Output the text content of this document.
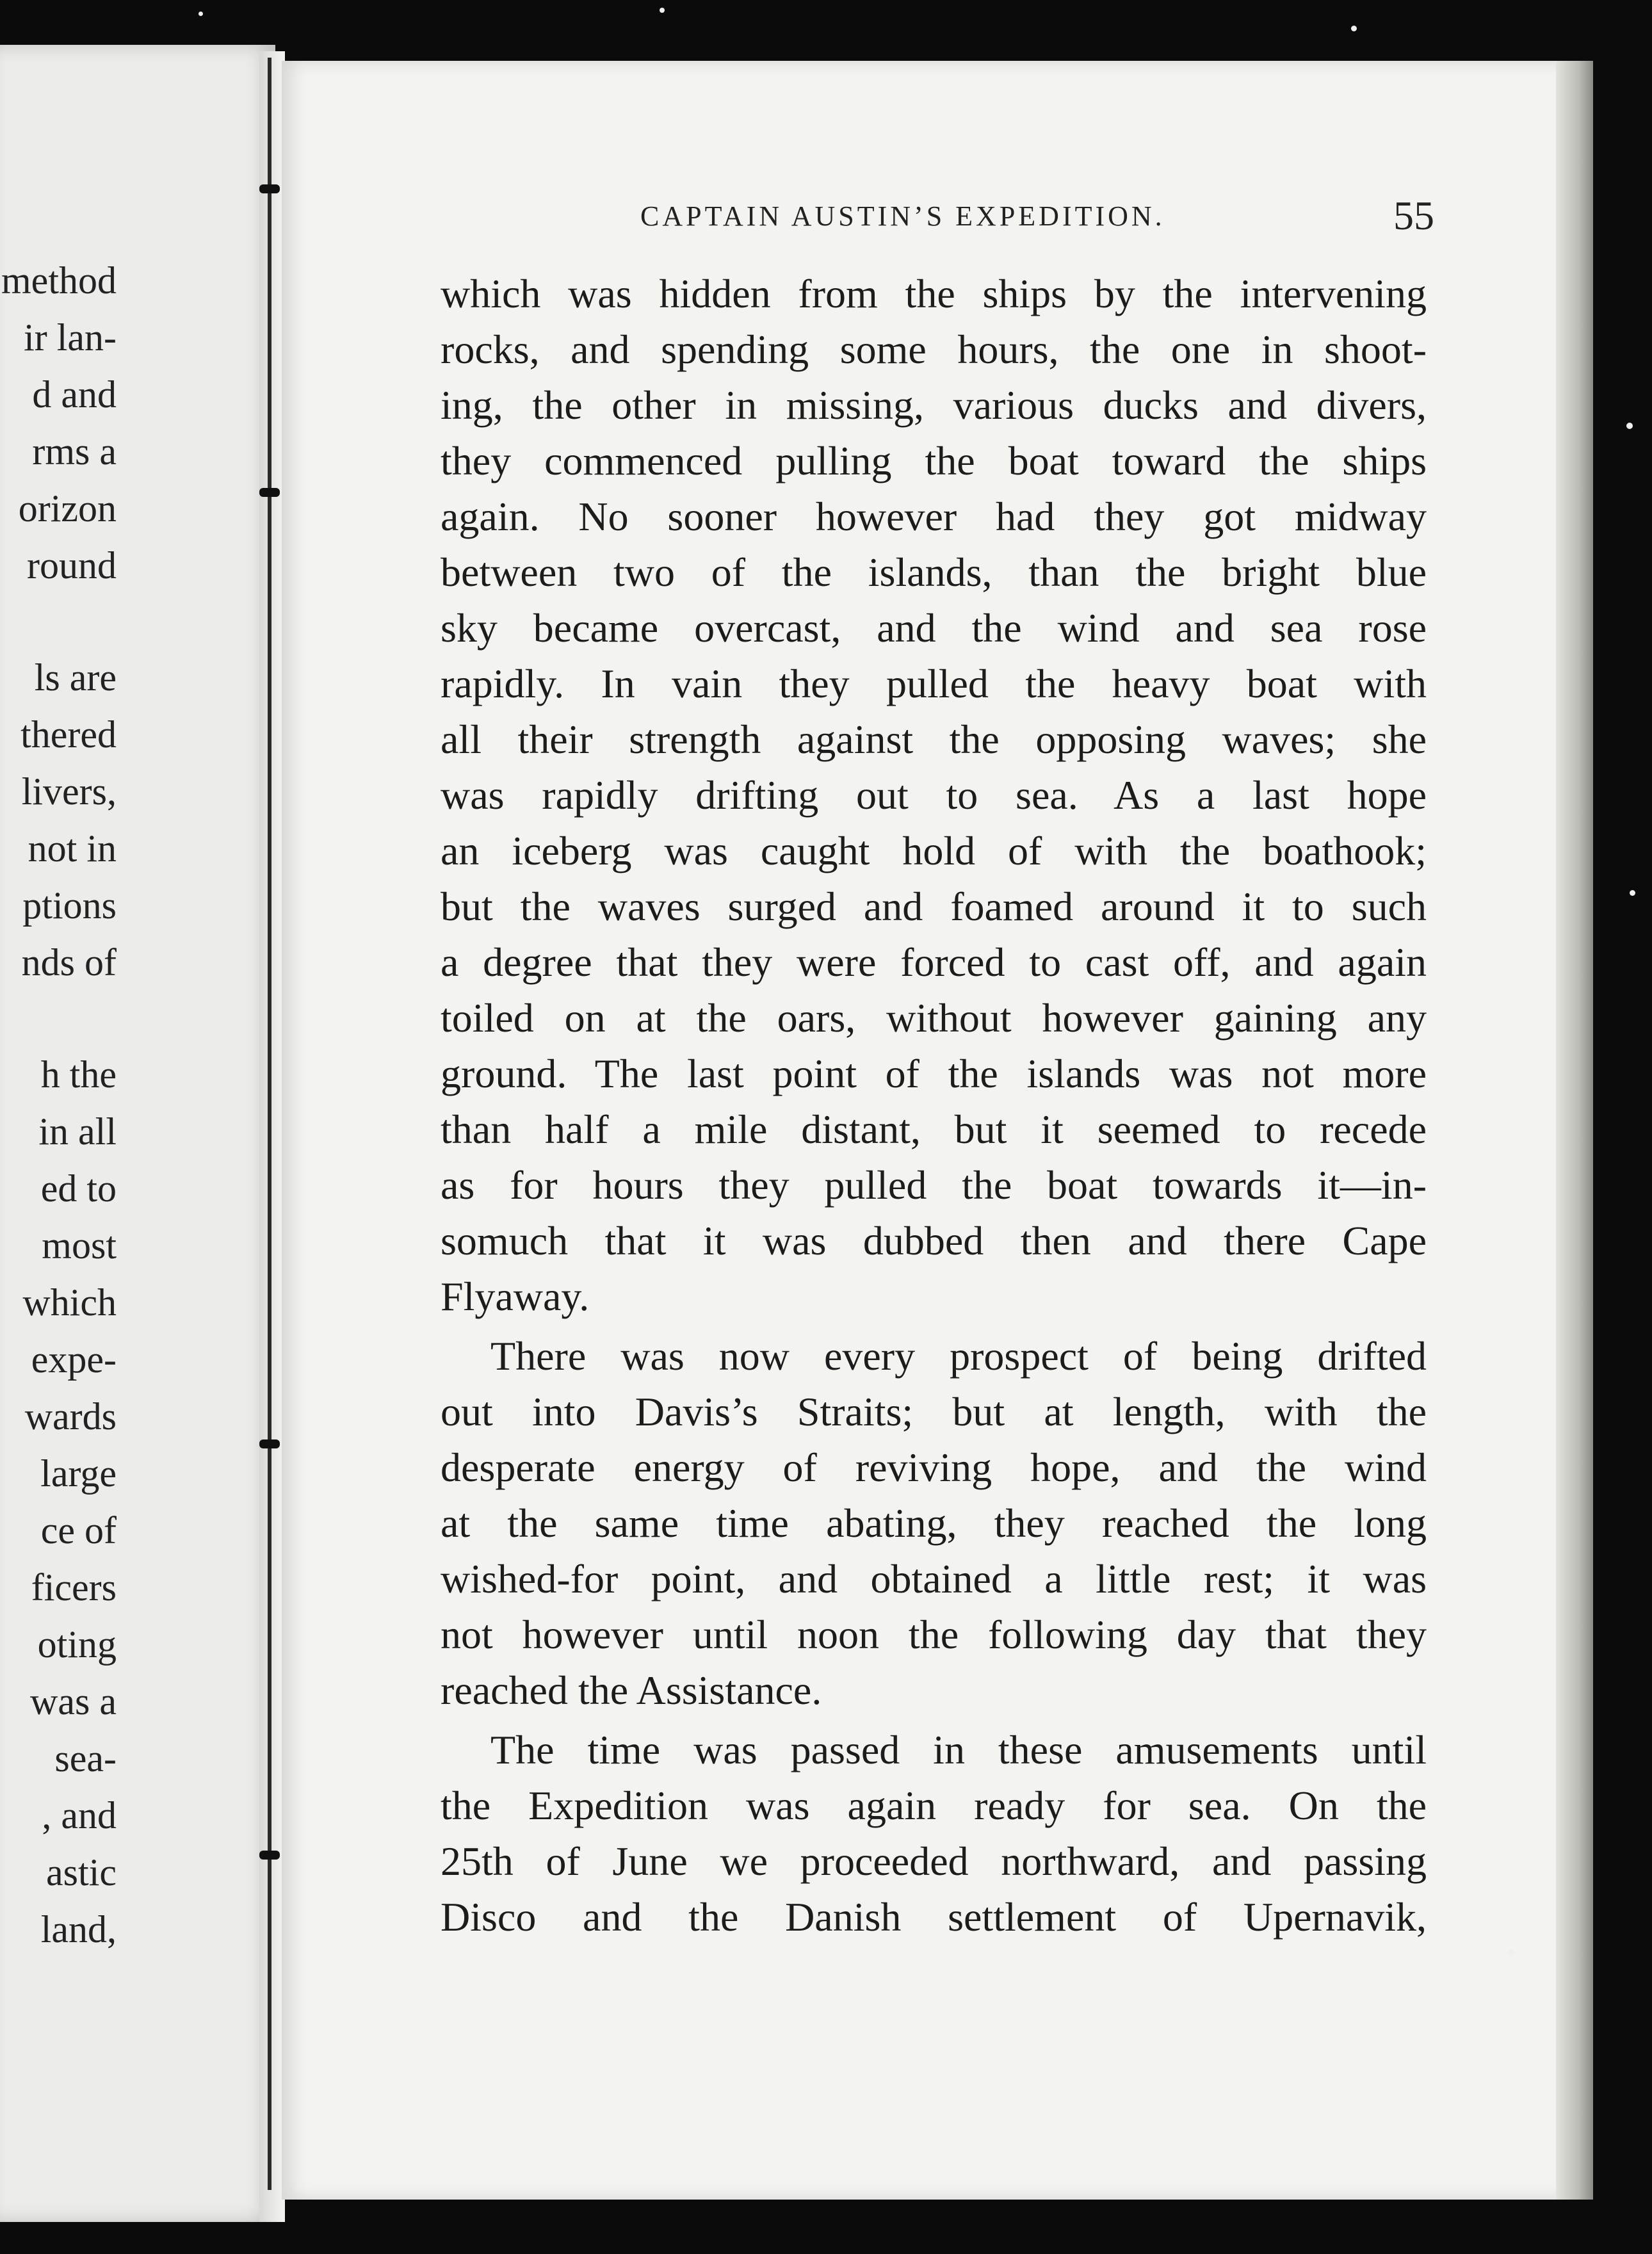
method
ir lan-
d and
rms a
orizon
round
ls are
thered
livers,
not in
ptions
nds of
h the
in all
ed to
most
which
expe-
wards
large
ce of
ficers
oting
was a
sea-
, and
astic
land,
CAPTAIN AUSTIN’S EXPEDITION.	55
which was hidden from the ships by the intervening
rocks, and spending some hours, the one in shoot-
ing, the other in missing, various ducks and divers,
they commenced pulling the boat toward the ships
again. No sooner however had they got midway
between two of the islands, than the bright blue
sky became overcast, and the wind and sea rose
rapidly. In vain they pulled the heavy boat with
all their strength against the opposing waves; she
was rapidly drifting out to sea. As a last hope
an iceberg was caught hold of with the boathook;
but the waves surged and foamed around it to such
a degree that they were forced to cast off, and again
toiled on at the oars, without however gaining any
ground. The last point of the islands was not more
than half a mile distant, but it seemed to recede
as for hours they pulled the boat towards it—in-
somuch that it was dubbed then and there Cape
Flyaway.
There was now every prospect of being drifted
out into Davis’s Straits; but at length, with the
desperate energy of reviving hope, and the wind
at the same time abating, they reached the long
wished-for point, and obtained a little rest; it was
not however until noon the following day that they
reached the Assistance.
The time was passed in these amusements until
the Expedition was again ready for sea. On the
25th of June we proceeded northward, and passing
Disco and the Danish settlement of Upernavik,
